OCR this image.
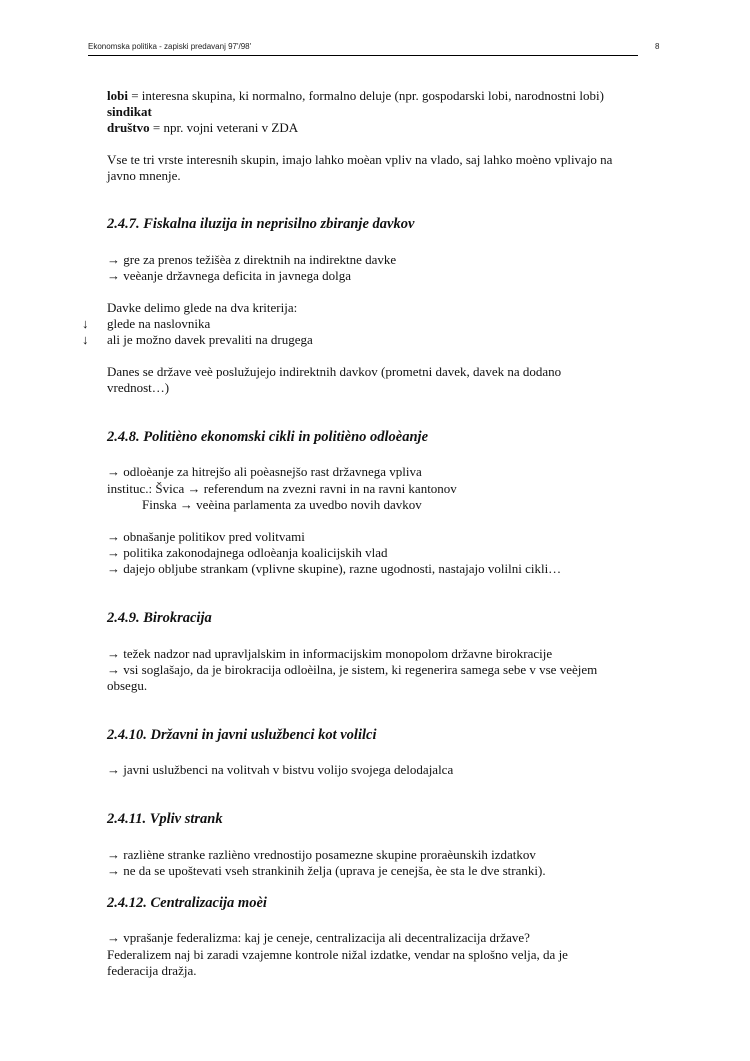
Ekonomska politika - zapiski predavanj 97'/98'	8
lobi = interesna skupina, ki normalno, formalno deluje (npr. gospodarski lobi, narodnostni lobi)
sindikat
društvo = npr. vojni veterani v ZDA
Vse te tri vrste interesnih skupin, imajo lahko moèan vpliv na vlado, saj lahko moèno vplivajo na
javno mnenje.
2.4.7. Fiskalna iluzija in neprisilno zbiranje davkov
→ gre za prenos težišèa z direktnih na indirektne davke
→ veèanje državnega deficita in javnega dolga
Davke delimo glede na dva kriterija:
↓ glede na naslovnika
↓ ali je možno davek prevaliti na drugega
Danes se države veè poslužujejo indirektnih davkov (prometni davek, davek na dodano
vrednost…)
2.4.8. Politièno ekonomski cikli in politièno odloèanje
→ odloèanje za hitrejšo ali poèasnejšo rast državnega vpliva
instituc.: Švica → referendum na zvezni ravni in na ravni kantonov
Finska → veèina parlamenta za uvedbo novih davkov
→ obnašanje politikov pred volitvami
→ politika zakonodajnega odloèanja koalicijskih vlad
→ dajejo obljube strankam (vplivne skupine), razne ugodnosti, nastajajo volilni cikli…
2.4.9. Birokracija
→ težek nadzor nad upravljalskim in informacijskim monopolom državne birokracije
→ vsi soglašajo, da je birokracija odloèilna, je sistem, ki regenerira samega sebe v vse veèjem
obsegu.
2.4.10. Državni in javni uslužbenci kot volilci
→ javni uslužbenci na volitvah v bistvu volijo svojega delodajalca
2.4.11. Vpliv strank
→ razliène stranke razlièno vrednostijo posamezne skupine proraèunskih izdatkov
→ ne da se upoštevati vseh strankinih želja (uprava je cenejša, èe sta le dve stranki).
2.4.12. Centralizacija moèi
→ vprašanje federalizma: kaj je ceneje, centralizacija ali decentralizacija države?
Federalizem naj bi zaradi vzajemne kontrole nižal izdatke, vendar na splošno velja, da je
federacija dražja.
